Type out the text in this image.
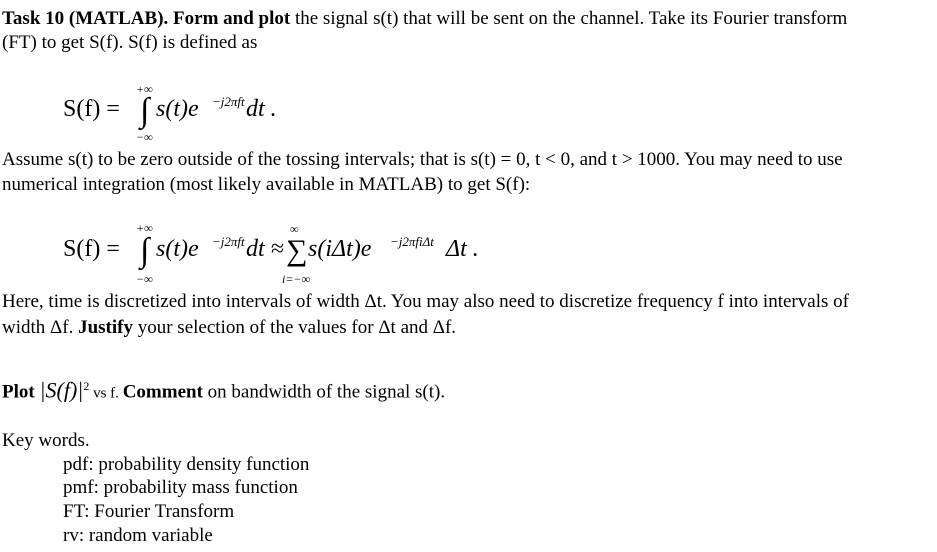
Task 10 (MATLAB). Form and plot the signal s(t) that will be sent on the channel. Take its Fourier transform
(FT) to get S(f). S(f) is defined as
+∞
−∞
S(f) = ∫ s(t)e −j2πft dt .
Assume s(t) to be zero outside of the tossing intervals; that is s(t) = 0, t < 0, and t > 1000. You may need to use
numerical integration (most likely available in MATLAB) to get S(f):
+∞
−∞
S(f) = ∫ s(t)e −j2πft dt ≈
∞
∑
i=−∞
s(iΔt)e −j2πfiΔt Δt .
Here, time is discretized into intervals of width Δt. You may also need to discretize frequency f into intervals of
width Δf. Justify your selection of the values for Δt and Δf.
Plot $|S(f)|^2$ vs f. Comment on bandwidth of the signal s(t).
Key words.
pdf: probability density function
pmf: probability mass function
FT: Fourier Transform
rv: random variable
